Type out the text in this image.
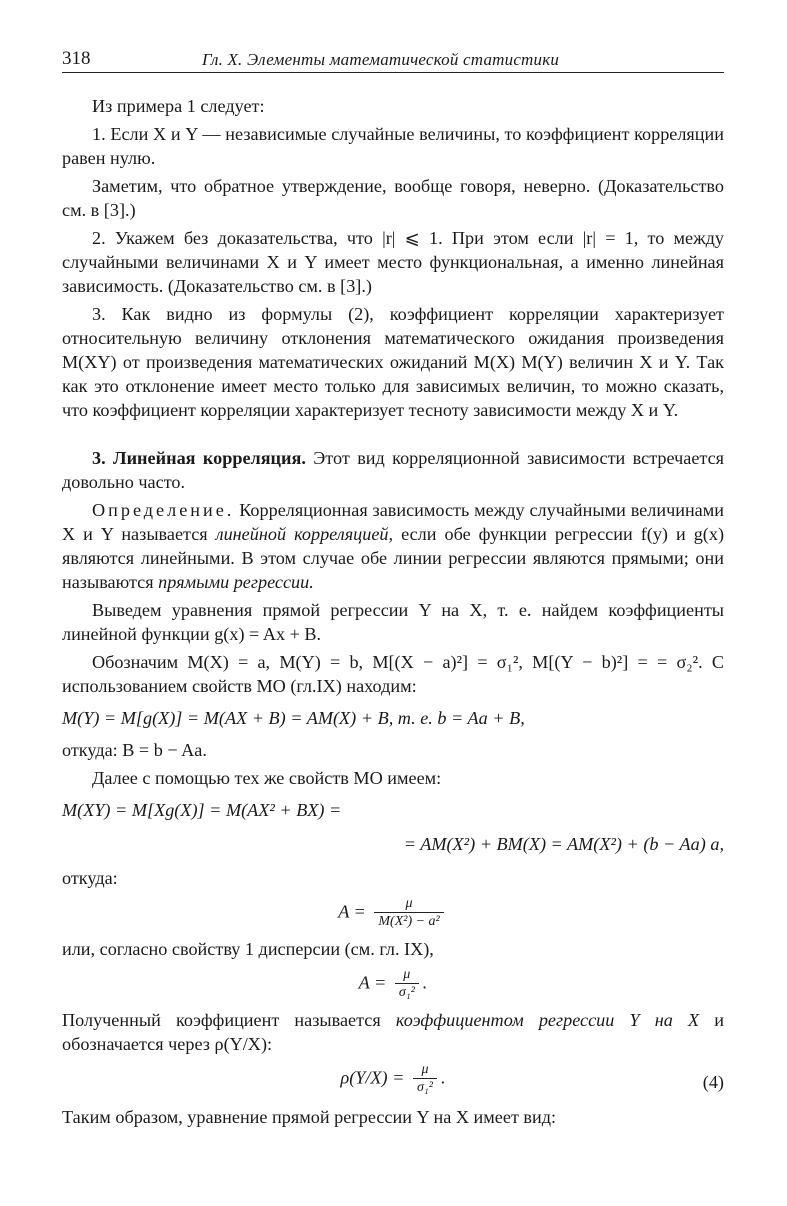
318	Гл. X. Элементы математической статистики

Из примера 1 следует:

1. Если X и Y — независимые случайные величины, то коэффициент корреляции равен нулю.

Заметим, что обратное утверждение, вообще говоря, неверно. (Доказательство см. в [3].)

2. Укажем без доказательства, что |r| ⩽ 1. При этом если |r| = 1, то между случайными величинами X и Y имеет место функциональная, а именно линейная зависимость. (Доказательство см. в [3].)

3. Как видно из формулы (2), коэффициент корреляции характеризует относительную величину отклонения математического ожидания произведения M(XY) от произведения математических ожиданий M(X) M(Y) величин X и Y. Так как это отклонение имеет место только для зависимых величин, то можно сказать, что коэффициент корреляции характеризует тесноту зависимости между X и Y.

3. Линейная корреляция. Этот вид корреляционной зависимости встречается довольно часто.

Определение. Корреляционная зависимость между случайными величинами X и Y называется линейной корреляцией, если обе функции регрессии f(y) и g(x) являются линейными. В этом случае обе линии регрессии являются прямыми; они называются прямыми регрессии.

Выведем уравнения прямой регрессии Y на X, т. е. найдем коэффициенты линейной функции g(x) = Ax + B.

Обозначим M(X) = a, M(Y) = b, M[(X − a)²] = σ₁², M[(Y − b)²] = = σ₂². С использованием свойств МО (гл.IX) находим:

M(Y) = M[g(X)] = M(AX + B) = AM(X) + B, т. е. b = Aa + B,

откуда: B = b − Aa.

Далее с помощью тех же свойств МО имеем:

M(XY) = M[Xg(X)] = M(AX² + BX) =
= AM(X²) + BM(X) = AM(X²) + (b − Aa) a,

откуда:

$A = \frac{\mu}{\text{M(X²) − a²}}$

или, согласно свойству 1 дисперсии (см. гл. IX),

$A = \frac{\mu}{\text{σ₁²}}$ .

Полученный коэффициент называется коэффициентом регрессии Y на X и обозначается через ρ(Y/X):

$\rho(Y/X) = \frac{\mu}{\text{σ₁²}}$ .	(4)

Таким образом, уравнение прямой регрессии Y на X имеет вид:
